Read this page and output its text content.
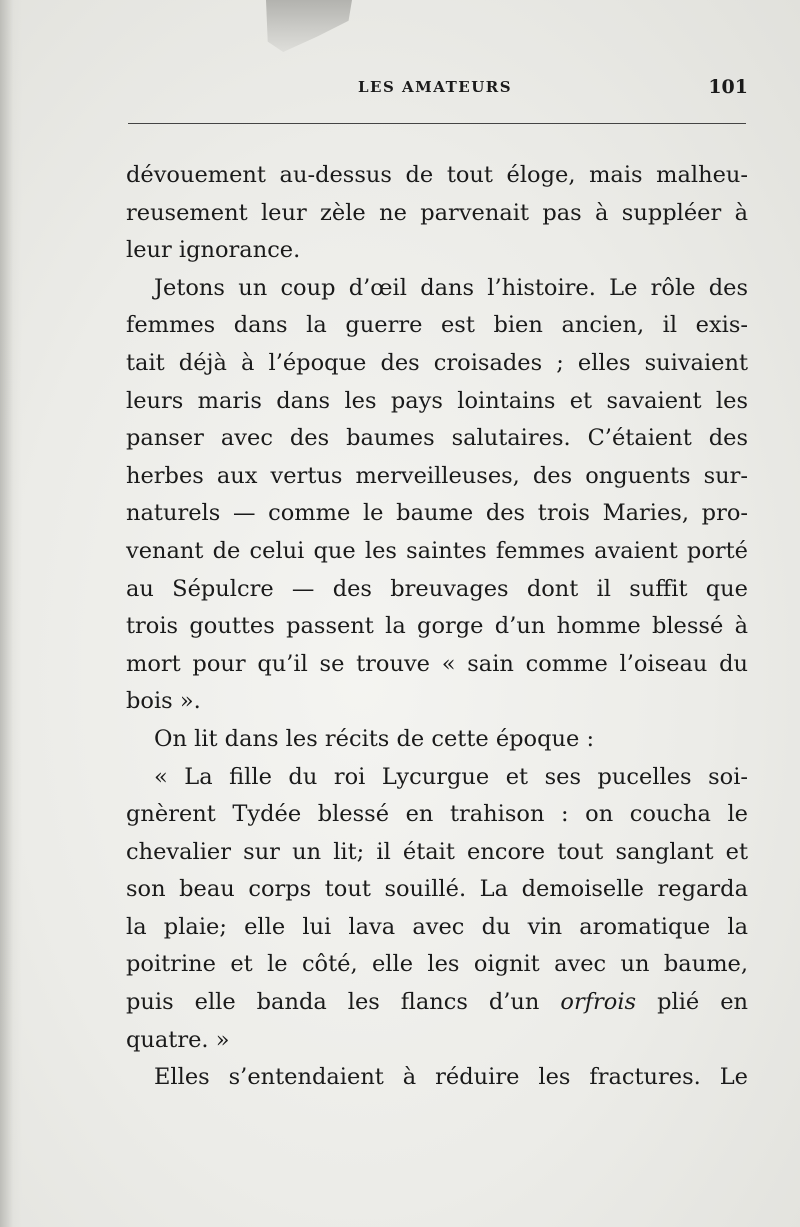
LES AMATEURS	101
dévouement au-dessus de tout éloge, mais malheu-
reusement leur zèle ne parvenait pas à suppléer à
leur ignorance.
Jetons un coup d’œil dans l’histoire. Le rôle des
femmes dans la guerre est bien ancien, il exis-
tait déjà à l’époque des croisades ; elles suivaient
leurs maris dans les pays lointains et savaient les
panser avec des baumes salutaires. C’étaient des
herbes aux vertus merveilleuses, des onguents sur-
naturels — comme le baume des trois Maries, pro-
venant de celui que les saintes femmes avaient porté
au Sépulcre — des breuvages dont il suffit que
trois gouttes passent la gorge d’un homme blessé à
mort pour qu’il se trouve « sain comme l’oiseau du
bois ».
On lit dans les récits de cette époque :
« La fille du roi Lycurgue et ses pucelles soi-
gnèrent Tydée blessé en trahison : on coucha le
chevalier sur un lit; il était encore tout sanglant et
son beau corps tout souillé. La demoiselle regarda
la plaie; elle lui lava avec du vin aromatique la
poitrine et le côté, elle les oignit avec un baume,
puis elle banda les flancs d’un orfrois plié en
quatre. »
Elles s’entendaient à réduire les fractures. Le
